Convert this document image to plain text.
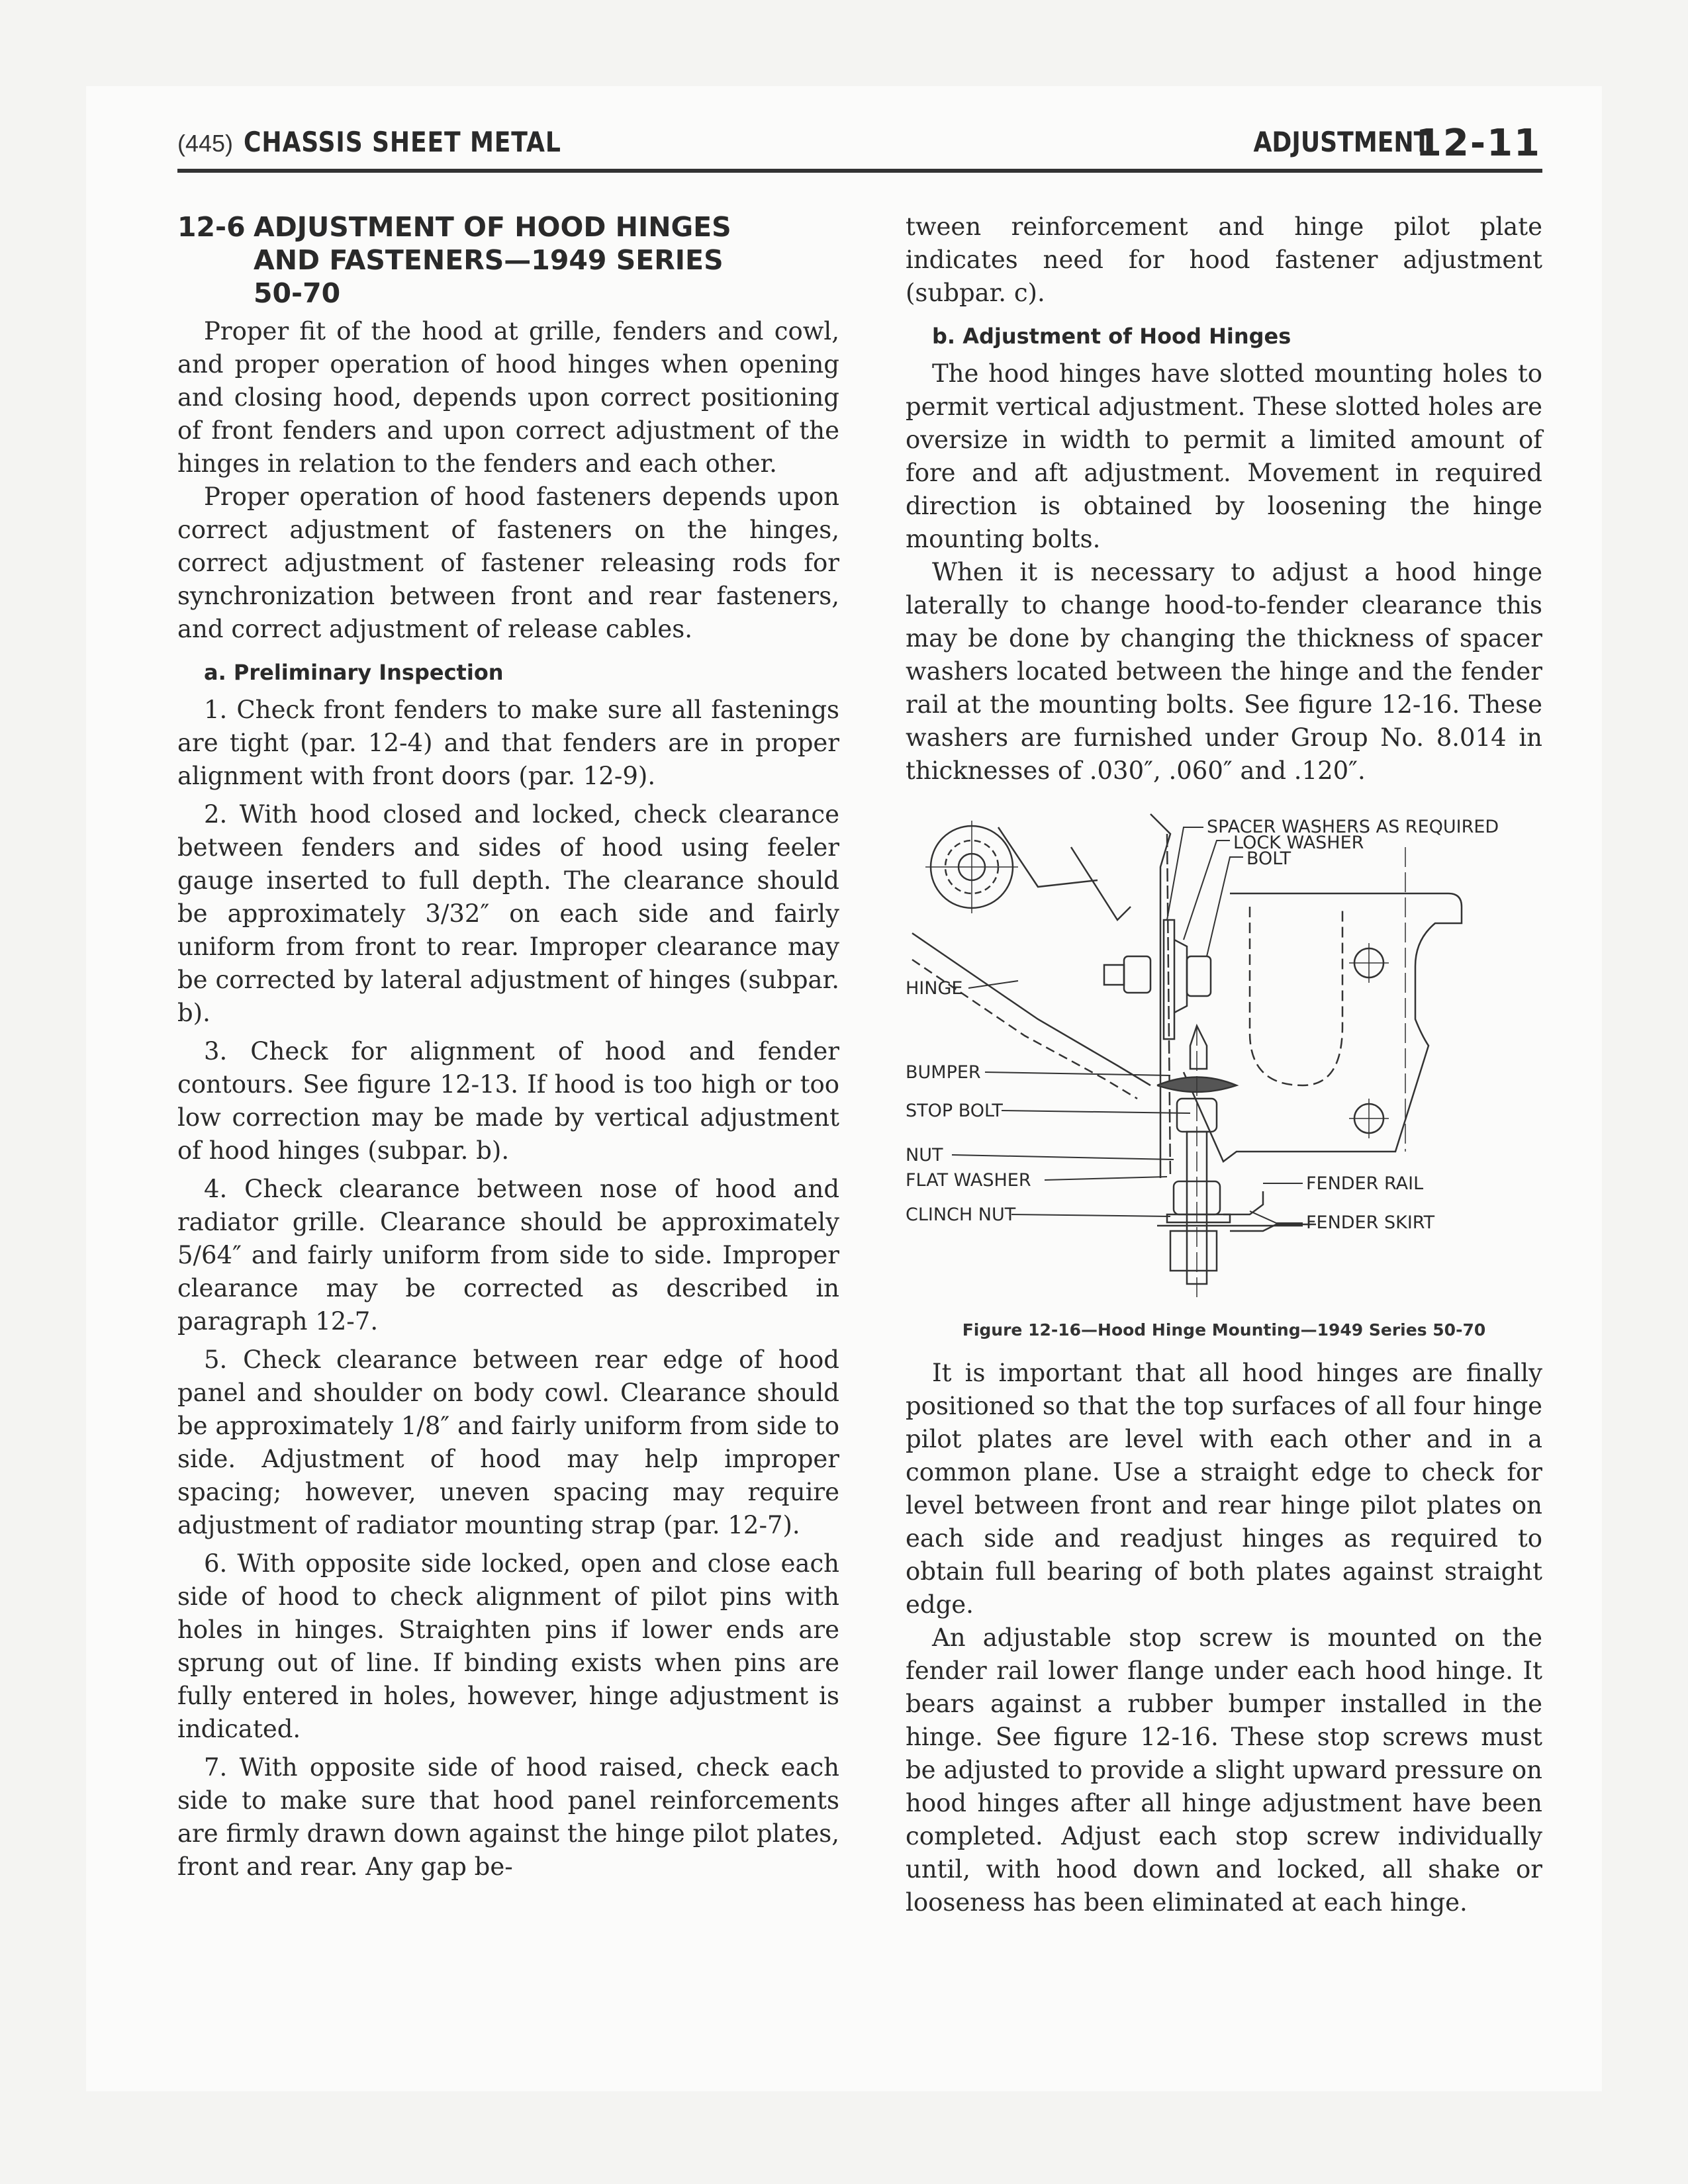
(445) CHASSIS SHEET METAL	ADJUSTMENT
12-11
12-6 ADJUSTMENT OF HOOD HINGES AND FASTENERS—1949 SERIES 50-70

Proper fit of the hood at grille, fenders and cowl, and proper operation of hood hinges when opening and closing hood, depends upon correct positioning of front fenders and upon correct adjustment of the hinges in relation to the fenders and each other.

Proper operation of hood fasteners depends upon correct adjustment of fasteners on the hinges, correct adjustment of fastener releasing rods for synchronization between front and rear fasteners, and correct adjustment of release cables.

a. Preliminary Inspection

1. Check front fenders to make sure all fastenings are tight (par. 12-4) and that fenders are in proper alignment with front doors (par. 12-9).

2. With hood closed and locked, check clearance between fenders and sides of hood using feeler gauge inserted to full depth. The clearance should be approximately 3/32″ on each side and fairly uniform from front to rear. Improper clearance may be corrected by lateral adjustment of hinges (subpar. b).

3. Check for alignment of hood and fender contours. See figure 12-13. If hood is too high or too low correction may be made by vertical adjustment of hood hinges (subpar. b).

4. Check clearance between nose of hood and radiator grille. Clearance should be approximately 5/64″ and fairly uniform from side to side. Improper clearance may be corrected as described in paragraph 12-7.

5. Check clearance between rear edge of hood panel and shoulder on body cowl. Clearance should be approximately 1/8″ and fairly uniform from side to side. Adjustment of hood may help improper spacing; however, uneven spacing may require adjustment of radiator mounting strap (par. 12-7).

6. With opposite side locked, open and close each side of hood to check alignment of pilot pins with holes in hinges. Straighten pins if lower ends are sprung out of line. If binding exists when pins are fully entered in holes, however, hinge adjustment is indicated.

7. With opposite side of hood raised, check each side to make sure that hood panel reinforcements are firmly drawn down against the hinge pilot plates, front and rear. Any gap be-

tween reinforcement and hinge pilot plate indicates need for hood fastener adjustment (subpar. c).

b. Adjustment of Hood Hinges

The hood hinges have slotted mounting holes to permit vertical adjustment. These slotted holes are oversize in width to permit a limited amount of fore and aft adjustment. Movement in required direction is obtained by loosening the hinge mounting bolts.

When it is necessary to adjust a hood hinge laterally to change hood-to-fender clearance this may be done by changing the thickness of spacer washers located between the hinge and the fender rail at the mounting bolts. See figure 12-16. These washers are furnished under Group No. 8.014 in thicknesses of .030″, .060″ and .120″.

SPACER WASHERS AS REQUIRED
LOCK WASHER
BOLT
HINGE
BUMPER
STOP BOLT
NUT
FLAT WASHER
CLINCH NUT
FENDER RAIL
FENDER SKIRT
Figure 12-16—Hood Hinge Mounting—1949 Series 50-70

It is important that all hood hinges are finally positioned so that the top surfaces of all four hinge pilot plates are level with each other and in a common plane. Use a straight edge to check for level between front and rear hinge pilot plates on each side and readjust hinges as required to obtain full bearing of both plates against straight edge.

An adjustable stop screw is mounted on the fender rail lower flange under each hood hinge. It bears against a rubber bumper installed in the hinge. See figure 12-16. These stop screws must be adjusted to provide a slight upward pressure on hood hinges after all hinge adjustment have been completed. Adjust each stop screw individually until, with hood down and locked, all shake or looseness has been eliminated at each hinge.
